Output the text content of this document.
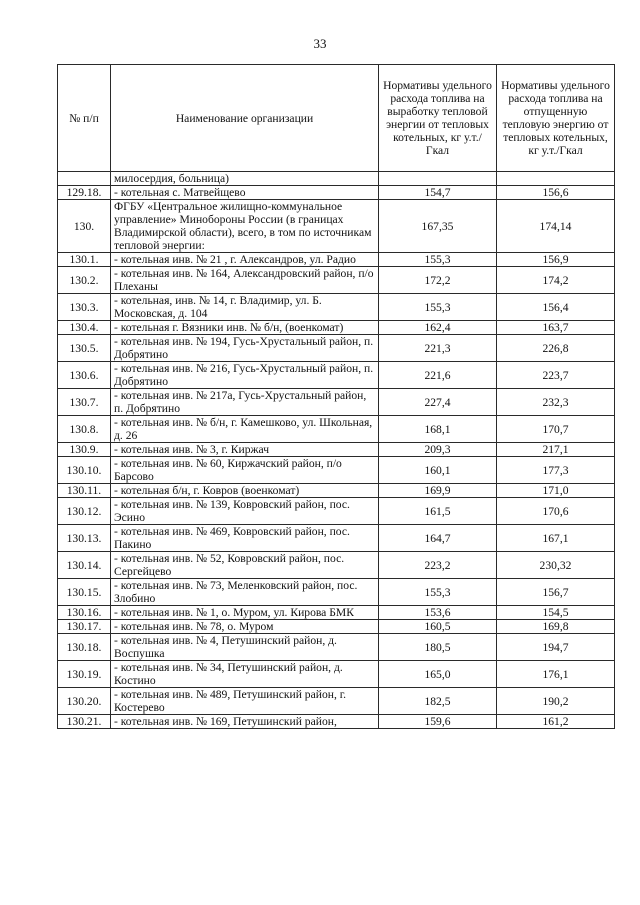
33
№ п/п	Наименование организации	Нормативы удельного расхода топлива на выработку тепловой энергии от тепловых котельных, кг у.т./Гкал	Нормативы удельного расхода топлива на отпущенную тепловую энергию от тепловых котельных, кг у.т./Гкал
	милосердия, больница)		
129.18.	- котельная с. Матвейщево	154,7	156,6
130.	ФГБУ «Центральное жилищно-коммунальное управление» Минобороны России (в границах Владимирской области), всего, в том по источникам тепловой энергии:	167,35	174,14
130.1.	- котельная инв. № 21 , г. Александров, ул. Радио	155,3	156,9
130.2.	- котельная инв. № 164, Александровский район, п/о Плеханы	172,2	174,2
130.3.	- котельная, инв. № 14, г. Владимир, ул. Б. Московская, д. 104	155,3	156,4
130.4.	- котельная г. Вязники инв. № б/н, (военкомат)	162,4	163,7
130.5.	- котельная инв. № 194, Гусь-Хрустальный район, п. Добрятино	221,3	226,8
130.6.	- котельная инв. № 216, Гусь-Хрустальный район, п. Добрятино	221,6	223,7
130.7.	- котельная инв. № 217а, Гусь-Хрустальный район, п. Добрятино	227,4	232,3
130.8.	- котельная инв. № б/н, г. Камешково, ул. Школьная, д. 26	168,1	170,7
130.9.	- котельная инв. № 3, г. Киржач	209,3	217,1
130.10.	- котельная инв. № 60, Киржачский район, п/о Барсово	160,1	177,3
130.11.	- котельная б/н, г. Ковров (военкомат)	169,9	171,0
130.12.	- котельная инв. № 139, Ковровский район, пос. Эсино	161,5	170,6
130.13.	- котельная инв. № 469, Ковровский район, пос. Пакино	164,7	167,1
130.14.	- котельная инв. № 52, Ковровский район, пос. Сергейцево	223,2	230,32
130.15.	- котельная инв. № 73, Меленковский район, пос. Злобино	155,3	156,7
130.16.	- котельная инв. № 1, о. Муром, ул. Кирова БМК	153,6	154,5
130.17.	- котельная инв. № 78, о. Муром	160,5	169,8
130.18.	- котельная инв. № 4, Петушинский район, д. Воспушка	180,5	194,7
130.19.	- котельная инв. № 34, Петушинский район, д. Костино	165,0	176,1
130.20.	- котельная инв. № 489, Петушинский район, г. Костерево	182,5	190,2
130.21.	- котельная инв. № 169, Петушинский район,	159,6	161,2
